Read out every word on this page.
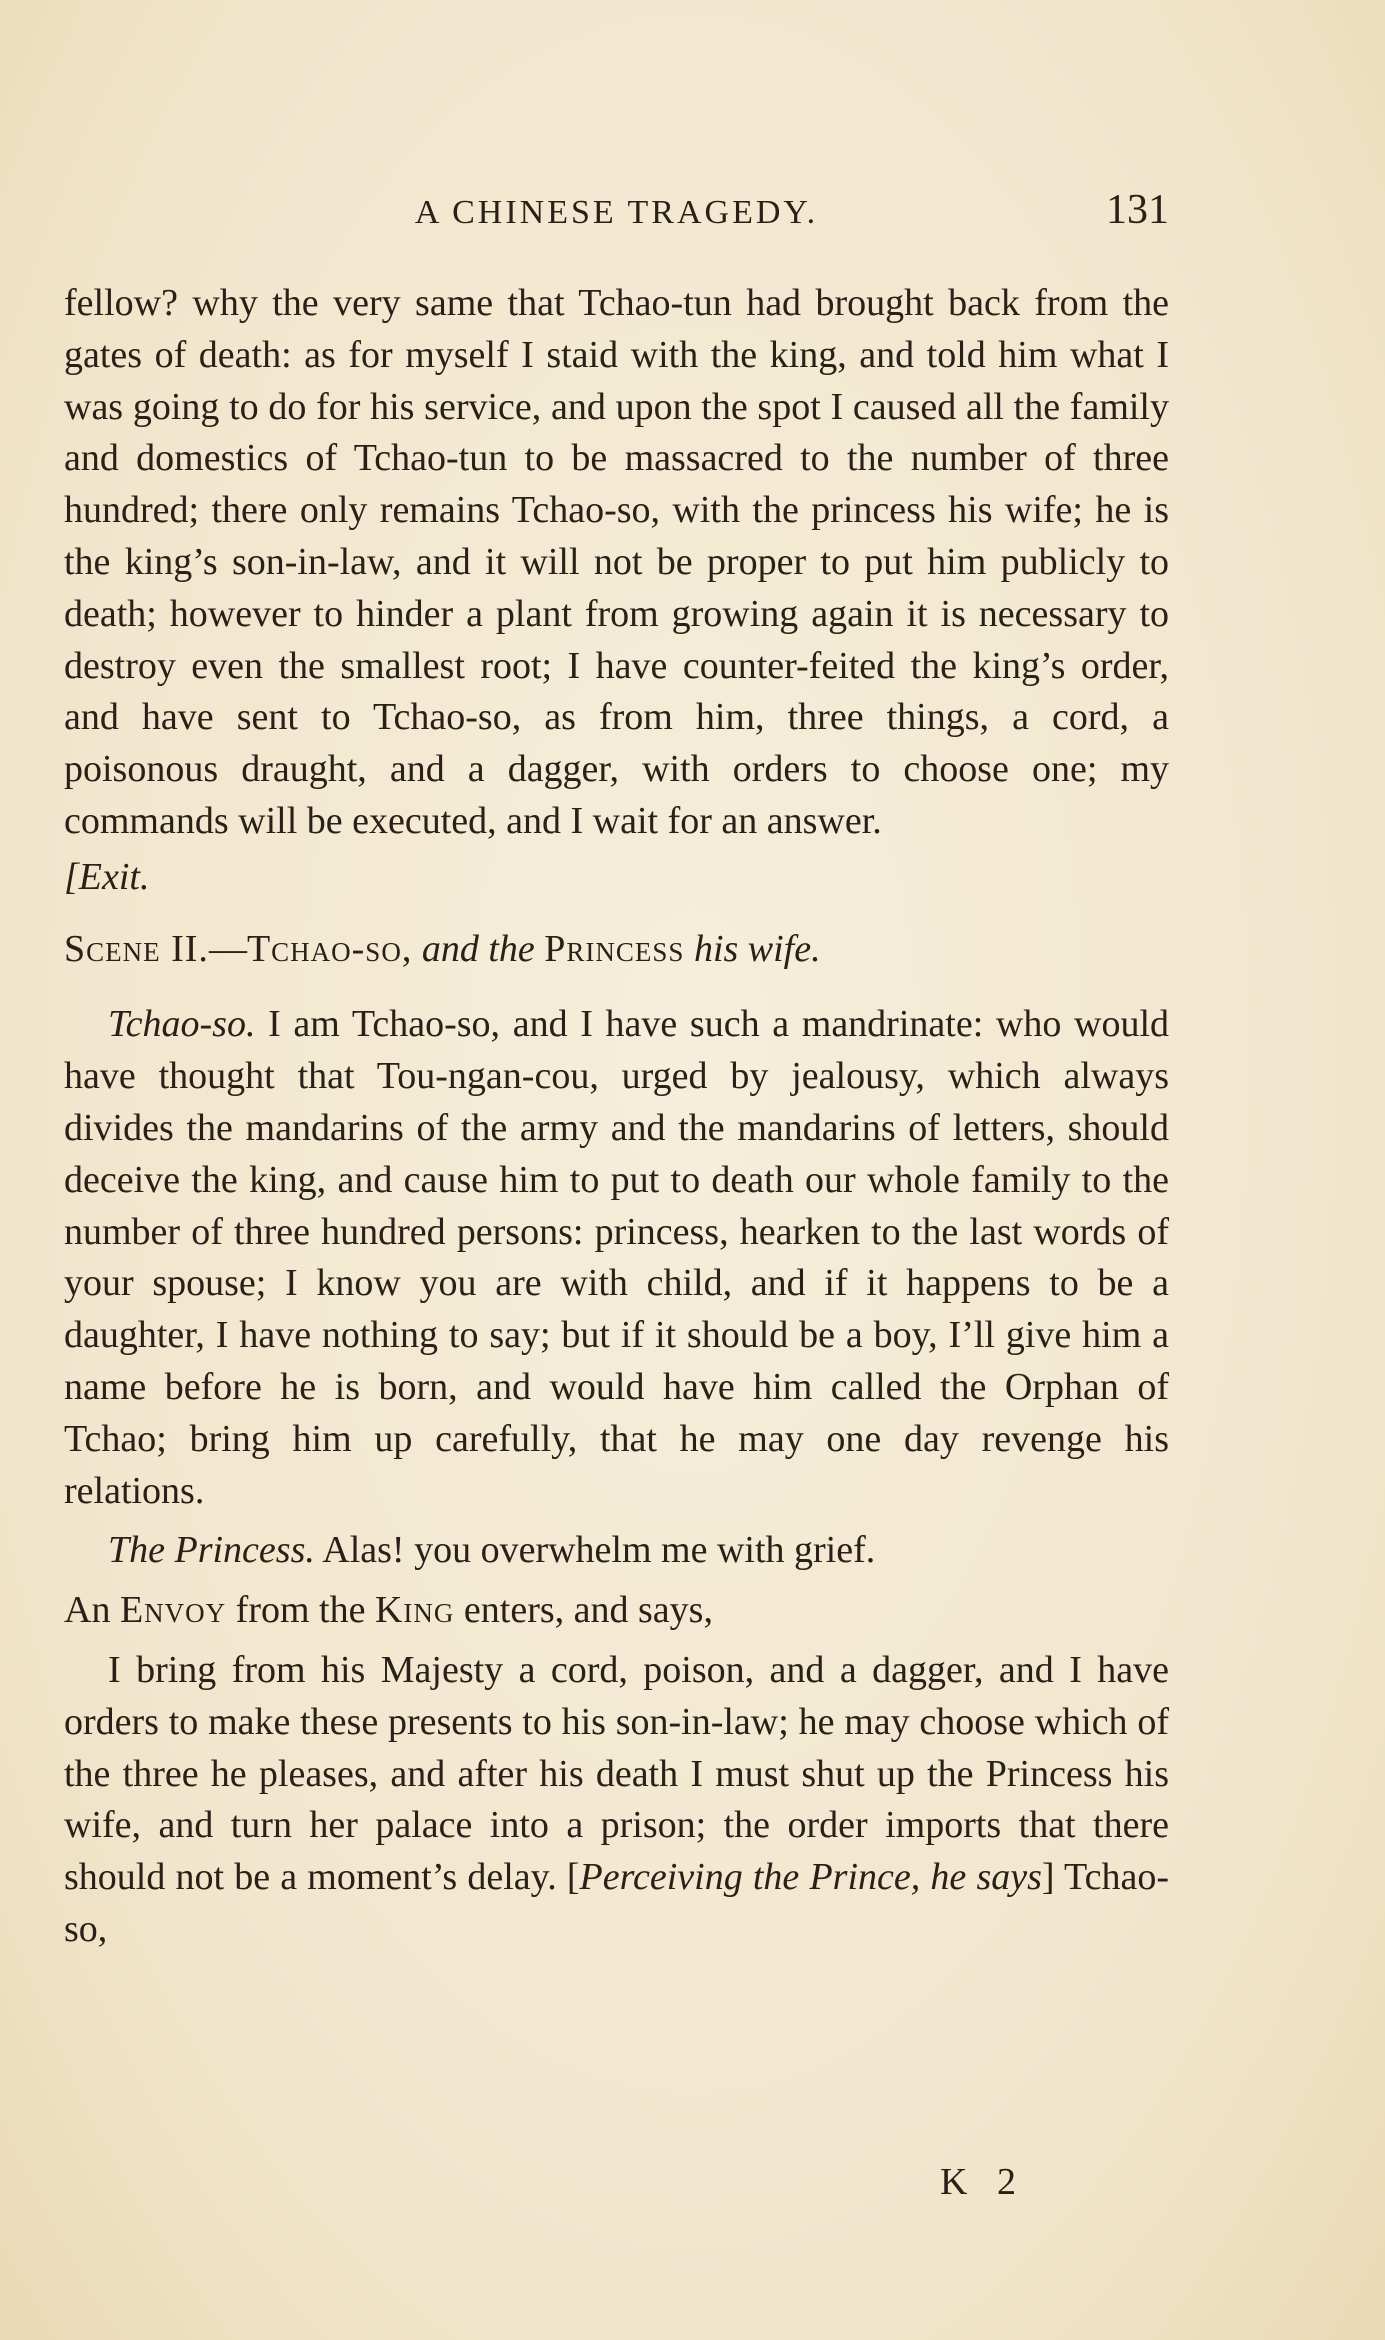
A CHINESE TRAGEDY.	131

fellow? why the very same that Tchao-tun had brought back from the gates of death: as for myself I staid with the king, and told him what I was going to do for his service, and upon the spot I caused all the family and domestics of Tchao-tun to be massacred to the number of three hundred; there only remains Tchao-so, with the princess his wife; he is the king’s son-in-law, and it will not be proper to put him publicly to death; however to hinder a plant from growing again it is necessary to destroy even the smallest root; I have counter-feited the king’s order, and have sent to Tchao-so, as from him, three things, a cord, a poisonous draught, and a dagger, with orders to choose one; my commands will be executed, and I wait for an answer.

[Exit.

Scene II.—Tchao-so, and the Princess his wife.

Tchao-so. I am Tchao-so, and I have such a mandrinate: who would have thought that Tou-ngan-cou, urged by jealousy, which always divides the mandarins of the army and the mandarins of letters, should deceive the king, and cause him to put to death our whole family to the number of three hundred persons: princess, hearken to the last words of your spouse; I know you are with child, and if it happens to be a daughter, I have nothing to say; but if it should be a boy, I’ll give him a name before he is born, and would have him called the Orphan of Tchao; bring him up carefully, that he may one day revenge his relations.

The Princess. Alas! you overwhelm me with grief.

An Envoy from the King enters, and says,

I bring from his Majesty a cord, poison, and a dagger, and I have orders to make these presents to his son-in-law; he may choose which of the three he pleases, and after his death I must shut up the Princess his wife, and turn her palace into a prison; the order imports that there should not be a moment’s delay. [Perceiving the Prince, he says] Tchao-so,

K 2
